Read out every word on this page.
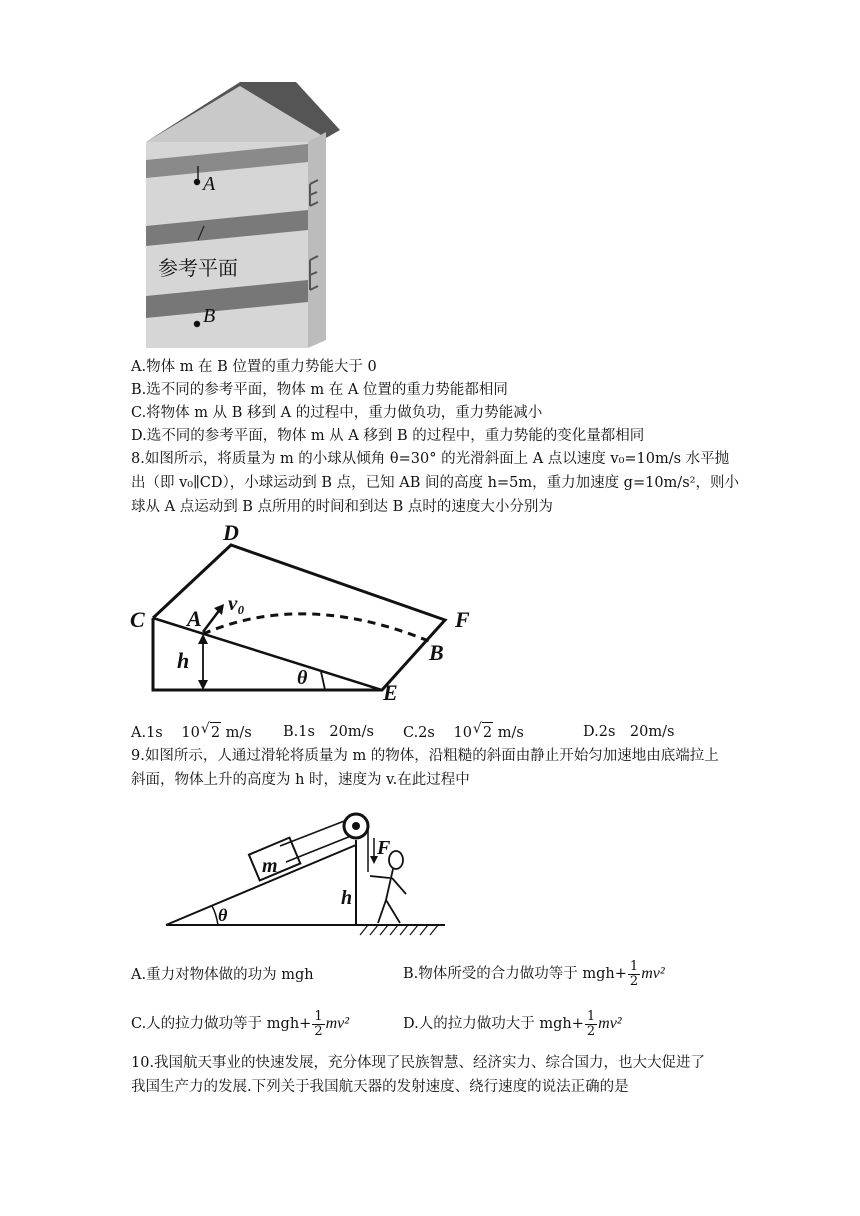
A
参考平面
B
A.物体 m 在 B 位置的重力势能大于 0
B.选不同的参考平面，物体 m 在 A 位置的重力势能都相同
C.将物体 m 从 B 移到 A 的过程中，重力做负功，重力势能减小
D.选不同的参考平面，物体 m 从 A 移到 B 的过程中，重力势能的变化量都相同
8.如图所示，将质量为 m 的小球从倾角 θ=30° 的光滑斜面上 A 点以速度 v₀=10m/s 水平抛
出（即 v₀∥CD），小球运动到 B 点，已知 AB 间的高度 h=5m，重力加速度 g=10m/s²，则小
球从 A 点运动到 B 点所用的时间和到达 B 点时的速度大小分别为
C
D
A
v₀
F
B
h
θ
E
A.1s 10 √ 2 m/s B.1s　20m/s C.2s 10 √ 2 m/s	D.2s　20m/s
9.如图所示，人通过滑轮将质量为 m 的物体，沿粗糙的斜面由静止开始匀加速地由底端拉上
斜面，物体上升的高度为 h 时，速度为 v.在此过程中
m
F
h
θ
A.重力对物体做的功为 mgh	B.物体所受的合力做功等于 $mgh+ \frac{1}{2} mv^2$
C.人的拉力做功等于 $mgh+ \frac{1}{2} mv^2$	D.人的拉力做功大于 $mgh+ \frac{1}{2} mv^2$
10.我国航天事业的快速发展，充分体现了民族智慧、经济实力、综合国力，也大大促进了
我国生产力的发展.下列关于我国航天器的发射速度、绕行速度的说法正确的是
